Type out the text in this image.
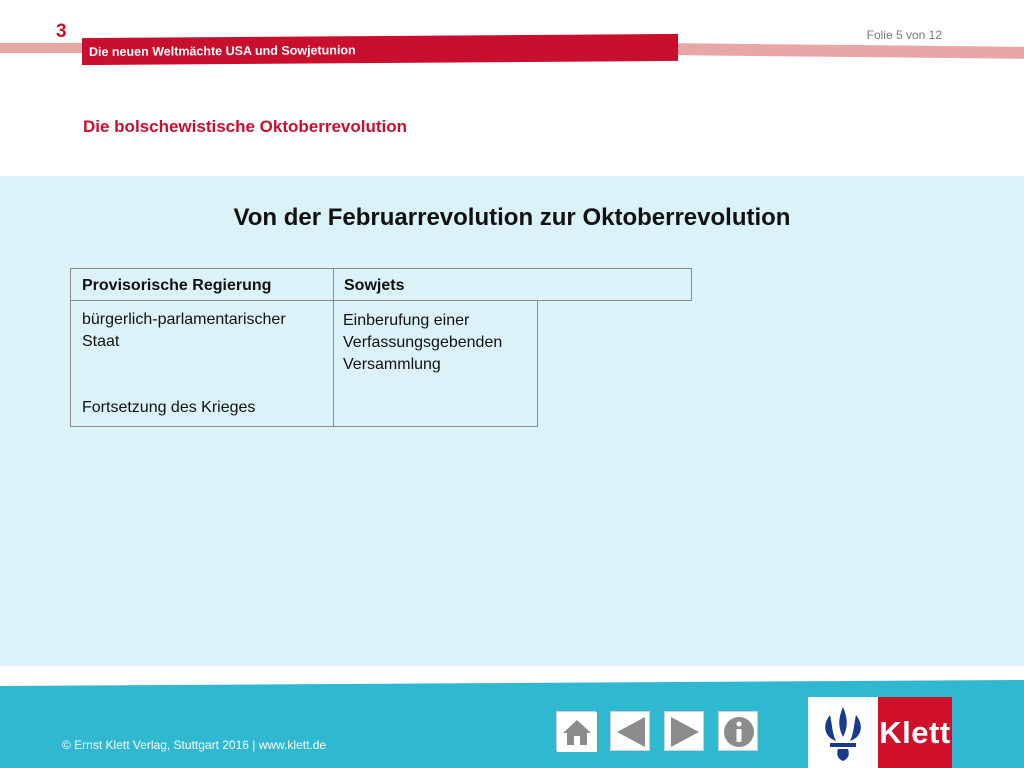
3
Die neuen Weltmächte USA und Sowjetunion
Folie 5 von 12
Die bolschewistische Oktoberrevolution
Von der Februarrevolution zur Oktoberrevolution
Provisorische Regierung	Sowjets
bürgerlich-parlamentarischer
Staat
Fortsetzung des Krieges
Einberufung einer
Verfassungsgebenden
Versammlung
© Ernst Klett Verlag, Stuttgart 2016 | www.klett.de	Klett
